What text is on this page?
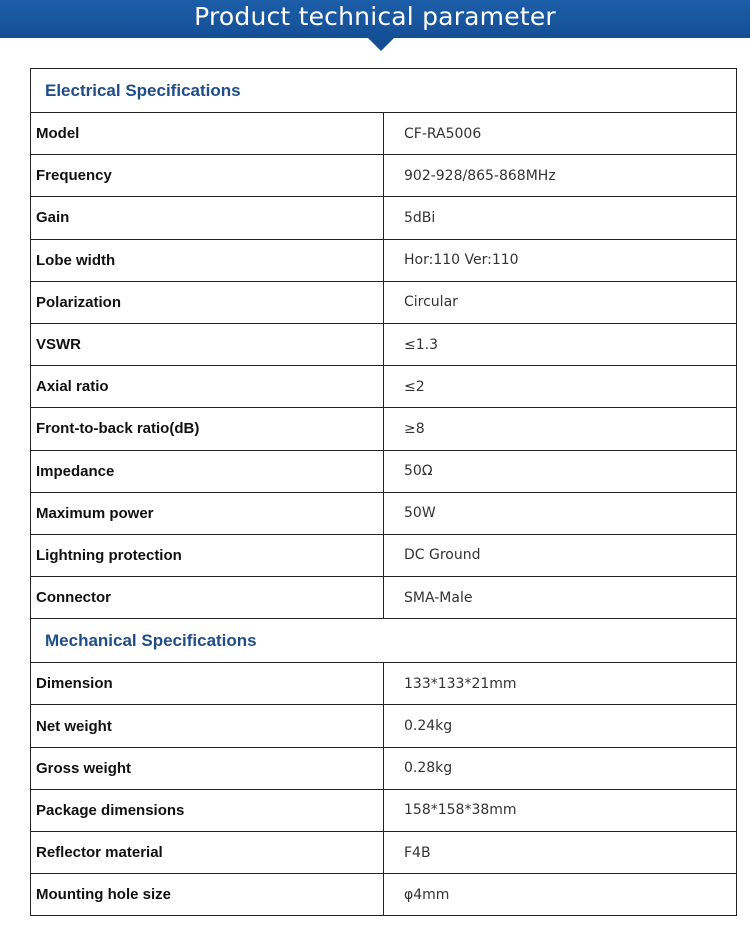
Product technical parameter
Electrical Specifications	
Model	CF-RA5006
Frequency	902-928/865-868MHz
Gain	5dBi
Lobe width	Hor:110 Ver:110
Polarization	Circular
VSWR	≤1.3
Axial ratio	≤2
Front-to-back ratio(dB)	≥8
Impedance	50Ω
Maximum power	50W
Lightning protection	DC Ground
Connector	SMA-Male
Mechanical Specifications	
Dimension	133*133*21mm
Net weight	0.24kg
Gross weight	0.28kg
Package dimensions	158*158*38mm
Reflector material	F4B
Mounting hole size	φ4mm
